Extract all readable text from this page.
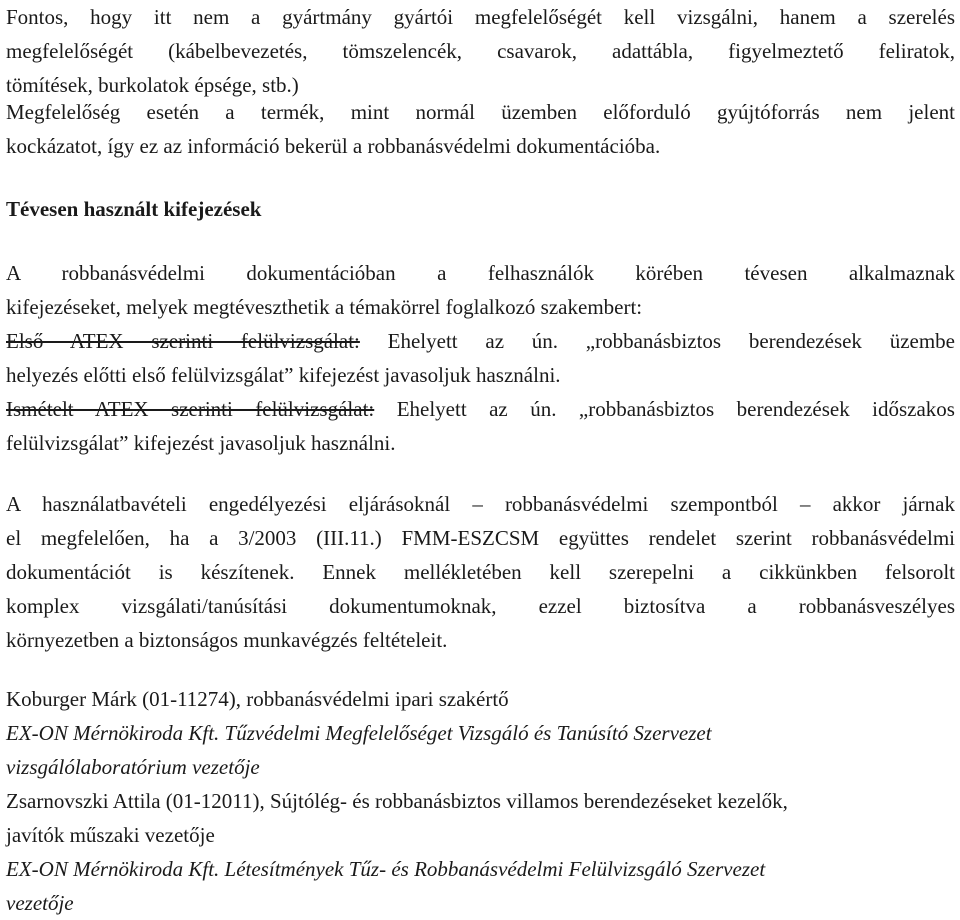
Fontos, hogy itt nem a gyártmány gyártói megfelelőségét kell vizsgálni, hanem a szerelés
megfelelőségét (kábelbevezetés, tömszelencék, csavarok, adattábla, figyelmeztető feliratok,
tömítések, burkolatok épsége, stb.)
Megfelelőség esetén a termék, mint normál üzemben előforduló gyújtóforrás nem jelent
kockázatot, így ez az információ bekerül a robbanásvédelmi dokumentációba.
Tévesen használt kifejezések
A robbanásvédelmi dokumentációban a felhasználók körében tévesen alkalmaznak
kifejezéseket, melyek megtéveszthetik a témakörrel foglalkozó szakembert:
Első ATEX szerinti felülvizsgálat: Ehelyett az ún. „robbanásbiztos berendezések üzembe
helyezés előtti első felülvizsgálat” kifejezést javasoljuk használni.
Ismételt ATEX szerinti felülvizsgálat: Ehelyett az ún. „robbanásbiztos berendezések időszakos
felülvizsgálat” kifejezést javasoljuk használni.
A használatbavételi engedélyezési eljárásoknál – robbanásvédelmi szempontból – akkor járnak
el megfelelően, ha a 3/2003 (III.11.) FMM-ESZCSM együttes rendelet szerint robbanásvédelmi
dokumentációt is készítenek. Ennek mellékletében kell szerepelni a cikkünkben felsorolt
komplex vizsgálati/tanúsítási dokumentumoknak, ezzel biztosítva a robbanásveszélyes
környezetben a biztonságos munkavégzés feltételeit.
Koburger Márk (01-11274), robbanásvédelmi ipari szakértő
EX-ON Mérnökiroda Kft. Tűzvédelmi Megfelelőséget Vizsgáló és Tanúsító Szervezet
vizsgálólaboratórium vezetője
Zsarnovszki Attila (01-12011), Sújtólég- és robbanásbiztos villamos berendezéseket kezelők,
javítók műszaki vezetője
EX-ON Mérnökiroda Kft. Létesítmények Tűz- és Robbanásvédelmi Felülvizsgáló Szervezet
vezetője
